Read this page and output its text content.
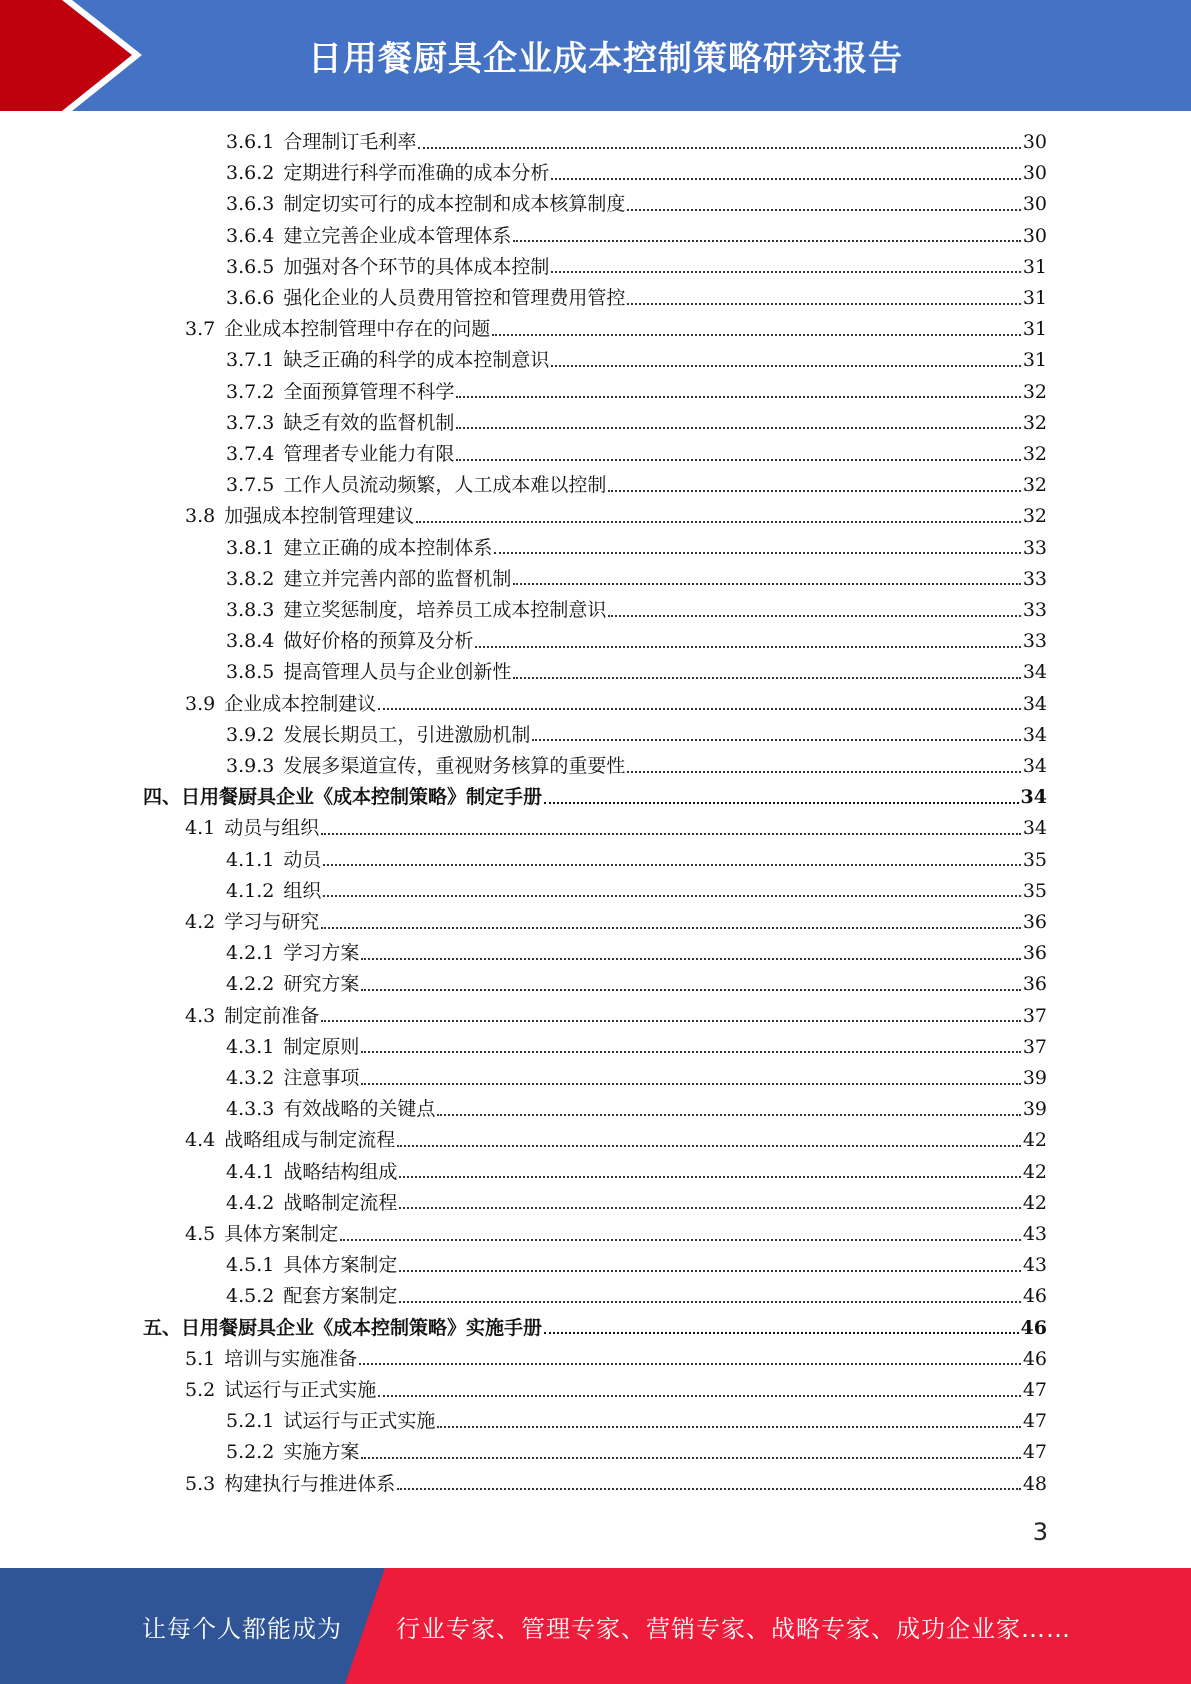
日用餐厨具企业成本控制策略研究报告
3.6.1 合理制订毛利率	30
3.6.2 定期进行科学而准确的成本分析	30
3.6.3 制定切实可行的成本控制和成本核算制度	30
3.6.4 建立完善企业成本管理体系	30
3.6.5 加强对各个环节的具体成本控制	31
3.6.6 强化企业的人员费用管控和管理费用管控	31
3.7 企业成本控制管理中存在的问题	31
3.7.1 缺乏正确的科学的成本控制意识	31
3.7.2 全面预算管理不科学	32
3.7.3 缺乏有效的监督机制	32
3.7.4 管理者专业能力有限	32
3.7.5 工作人员流动频繁，人工成本难以控制	32
3.8 加强成本控制管理建议	32
3.8.1 建立正确的成本控制体系	33
3.8.2 建立并完善内部的监督机制	33
3.8.3 建立奖惩制度，培养员工成本控制意识	33
3.8.4 做好价格的预算及分析	33
3.8.5 提高管理人员与企业创新性	34
3.9 企业成本控制建议	34
3.9.2 发展长期员工，引进激励机制	34
3.9.3 发展多渠道宣传，重视财务核算的重要性	34
四、日用餐厨具企业《成本控制策略》制定手册	34
4.1 动员与组织	34
4.1.1 动员	35
4.1.2 组织	35
4.2 学习与研究	36
4.2.1 学习方案	36
4.2.2 研究方案	36
4.3 制定前准备	37
4.3.1 制定原则	37
4.3.2 注意事项	39
4.3.3 有效战略的关键点	39
4.4 战略组成与制定流程	42
4.4.1 战略结构组成	42
4.4.2 战略制定流程	42
4.5 具体方案制定	43
4.5.1 具体方案制定	43
4.5.2 配套方案制定	46
五、日用餐厨具企业《成本控制策略》实施手册	46
5.1 培训与实施准备	46
5.2 试运行与正式实施	47
5.2.1 试运行与正式实施	47
5.2.2 实施方案	47
5.3 构建执行与推进体系	48
3
让每个人都能成为 行业专家、管理专家、营销专家、战略专家、成功企业家……
